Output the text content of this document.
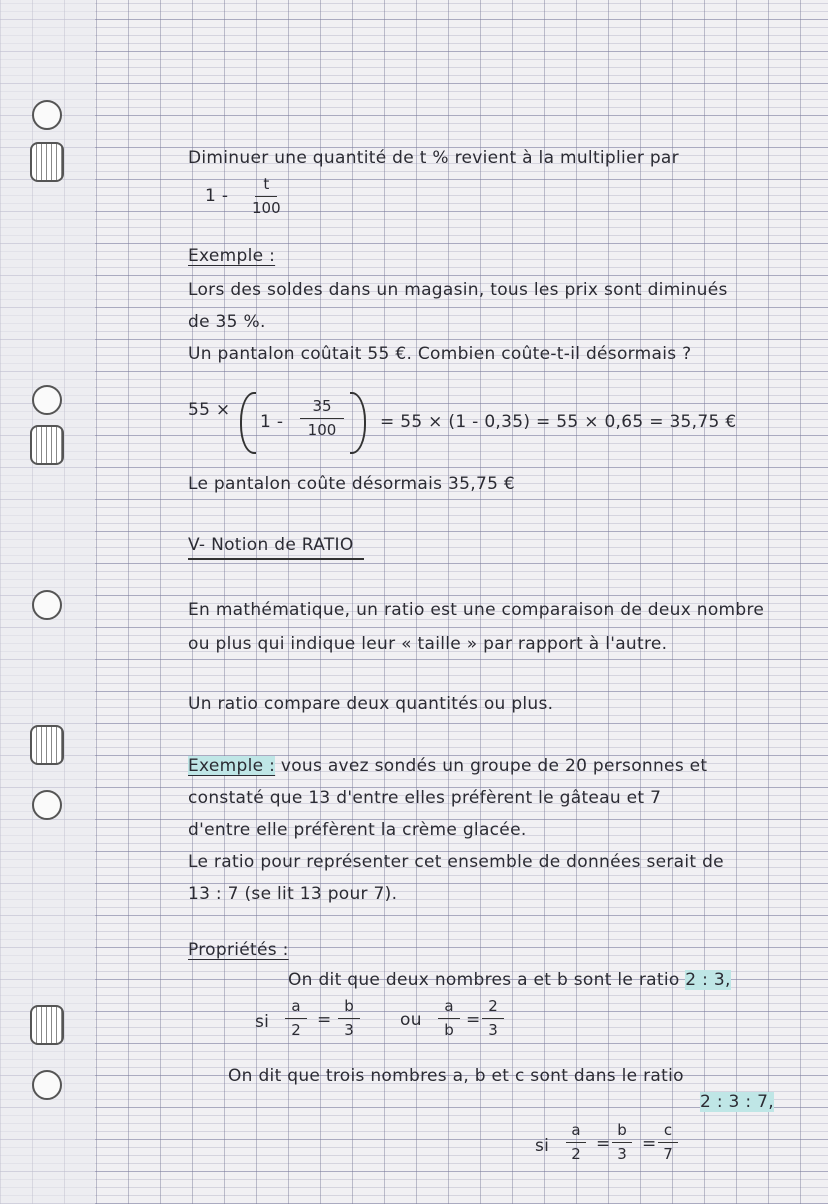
Diminuer une quantité de t % revient à la multiplier par
1 -
t
100
Exemple :
Lors des soldes dans un magasin, tous les prix sont diminués
de 35 %.
Un pantalon coûtait 55 €. Combien coûte-t-il désormais ?
55 ×
1 -
35
100	= 55 × (1 - 0,35) = 55 × 0,65 = 35,75 €
Le pantalon coûte désormais 35,75 €
V- Notion de RATIO
En mathématique, un ratio est une comparaison de deux nombre
ou plus qui indique leur « taille » par rapport à l'autre.
Un ratio compare deux quantités ou plus.
Exemple : vous avez sondés un groupe de 20 personnes et
constaté que 13 d'entre elles préfèrent le gâteau et 7
d'entre elle préfèrent la crème glacée.
Le ratio pour représenter cet ensemble de données serait de
13 : 7 (se lit 13 pour 7).
Propriétés :
On dit que deux nombres a et b sont le ratio 2 : 3,
si
a
2 =
b
3	ou
a
b =
2
3
On dit que trois nombres a, b et c sont dans le ratio
2 : 3 : 7,
si
a
2 =
b
3 =
c
7
